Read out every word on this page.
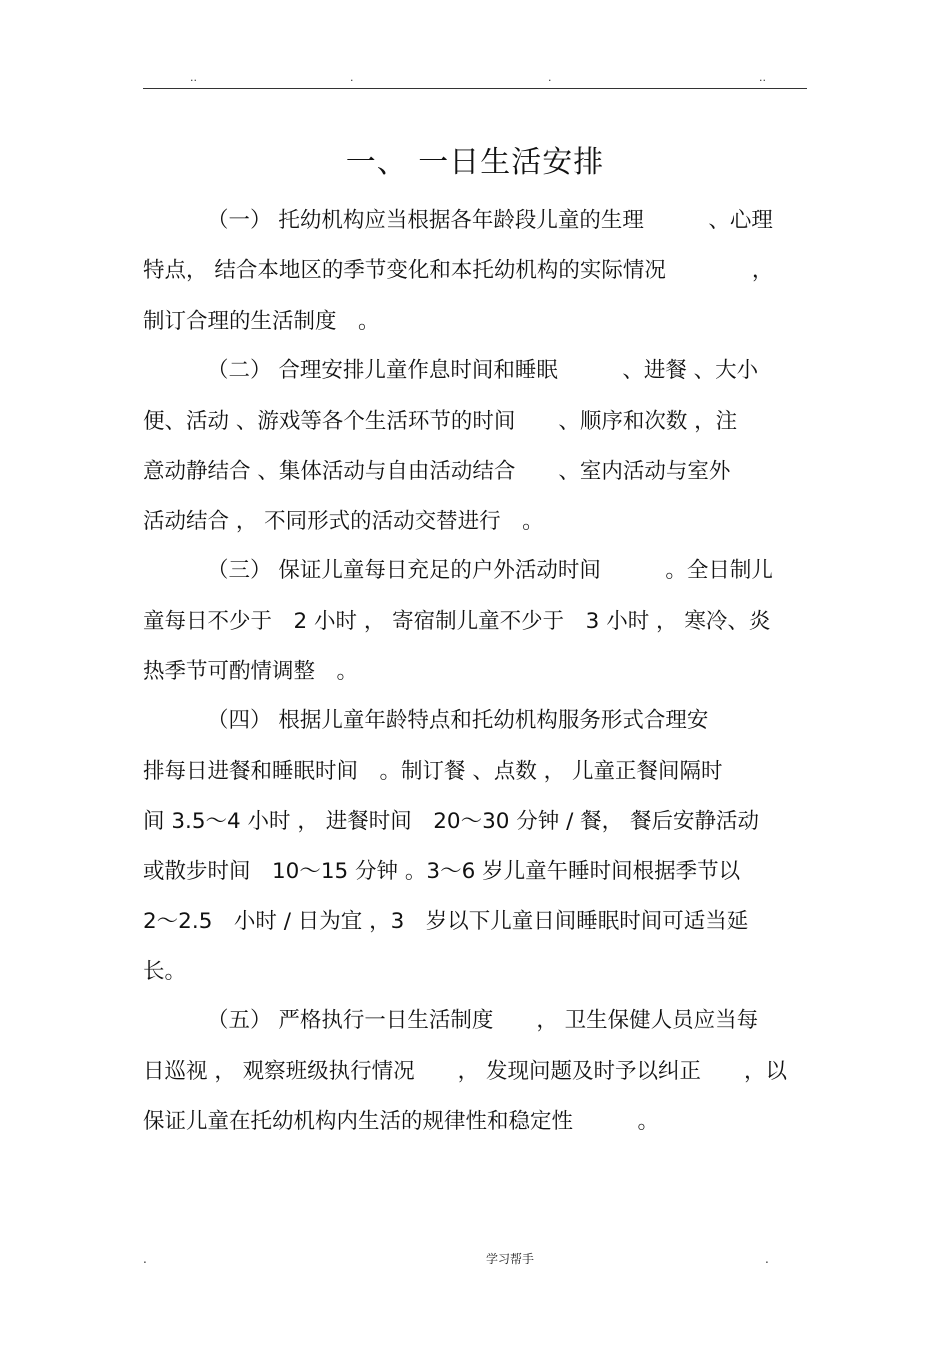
..	.	.	..
一、 一日生活安排
（一） 托幼机构应当根据各年龄段儿童的生理　　　、心理
特点， 结合本地区的季节变化和本托幼机构的实际情况　　　　，
制订合理的生活制度　。
（二） 合理安排儿童作息时间和睡眠　　　、进餐 、大小
便、活动 、游戏等各个生活环节的时间　　、顺序和次数 ，注
意动静结合 、集体活动与自由活动结合　　、室内活动与室外
活动结合 ， 不同形式的活动交替进行　。
（三） 保证儿童每日充足的户外活动时间　　　。全日制儿
童每日不少于　2 小时 ， 寄宿制儿童不少于　3 小时 ， 寒冷、炎
热季节可酌情调整　。
（四） 根据儿童年龄特点和托幼机构服务形式合理安
排每日进餐和睡眠时间　。制订餐 、点数 ， 儿童正餐间隔时
间 3.5～4 小时 ， 进餐时间　20～30 分钟 / 餐， 餐后安静活动
或散步时间　10～15 分钟 。3～6 岁儿童午睡时间根据季节以
2～2.5　小时 / 日为宜 ，3　岁以下儿童日间睡眠时间可适当延
长。
（五） 严格执行一日生活制度　　， 卫生保健人员应当每
日巡视 ， 观察班级执行情况　　， 发现问题及时予以纠正　　，以
保证儿童在托幼机构内生活的规律性和稳定性　　　。
.	学习帮手	.
